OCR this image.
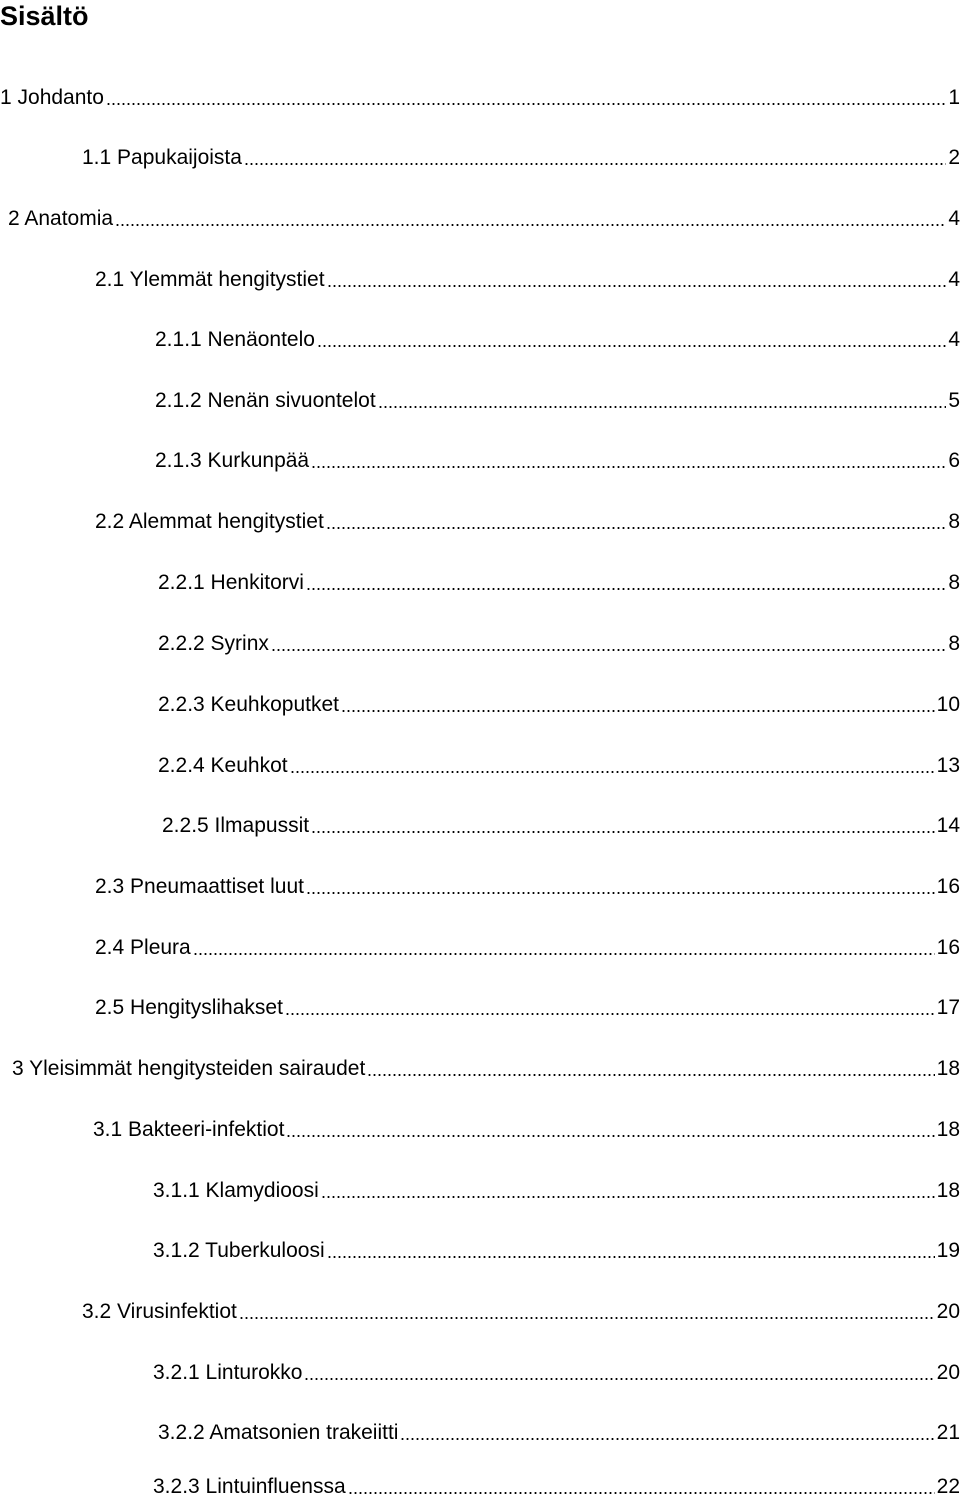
Sisältö
1 Johdanto	1
1.1 Papukaijoista	2
2 Anatomia	4
2.1 Ylemmät hengitystiet	4
2.1.1 Nenäontelo	4
2.1.2 Nenän sivuontelot	5
2.1.3 Kurkunpää	6
2.2 Alemmat hengitystiet	8
2.2.1 Henkitorvi	8
2.2.2 Syrinx	8
2.2.3 Keuhkoputket	10
2.2.4 Keuhkot	13
2.2.5 Ilmapussit	14
2.3 Pneumaattiset luut	16
2.4 Pleura	16
2.5 Hengityslihakset	17
3 Yleisimmät hengitysteiden sairaudet	18
3.1 Bakteeri-infektiot	18
3.1.1 Klamydioosi	18
3.1.2 Tuberkuloosi	19
3.2 Virusinfektiot	20
3.2.1 Linturokko	20
3.2.2 Amatsonien trakeiitti	21
3.2.3 Lintuinfluenssa	22
